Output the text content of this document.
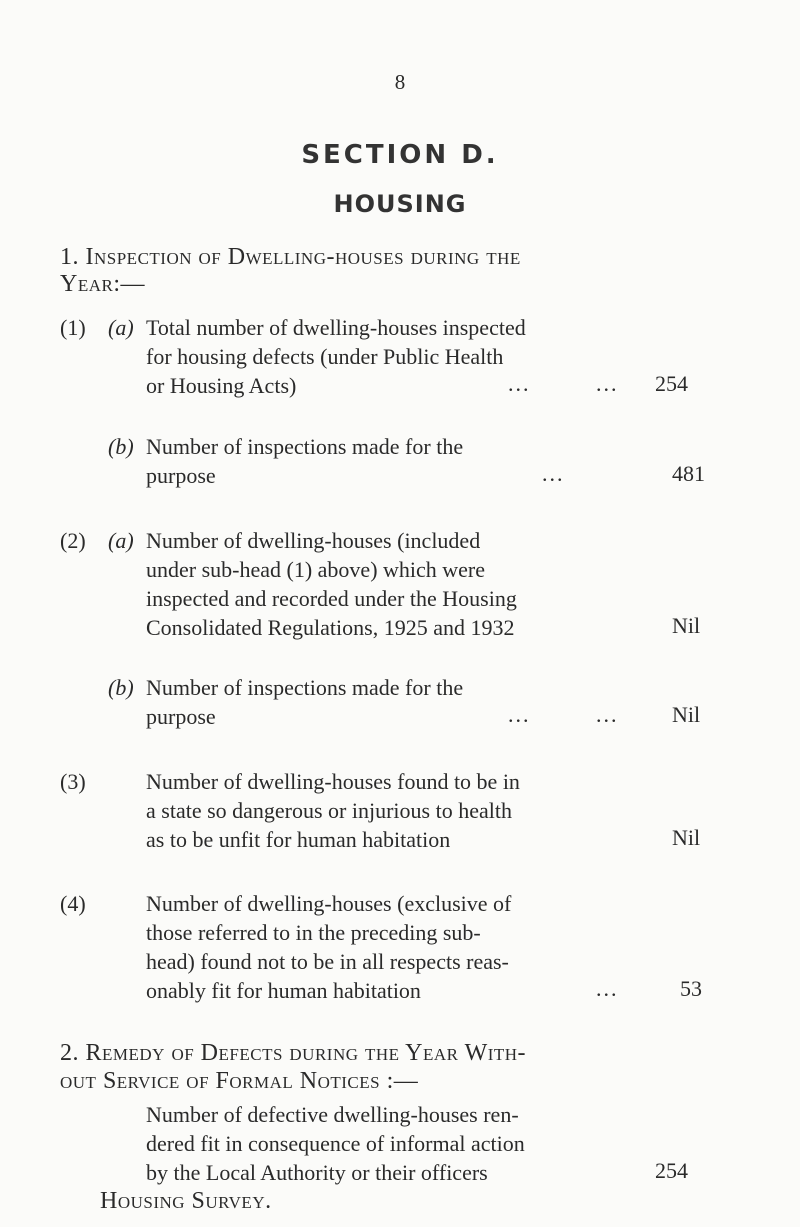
8
SECTION D.
HOUSING
1. Inspection of Dwelling-houses during the
Year:—
(1) (a) Total number of dwelling-houses inspected
for housing defects (under Public Health
or Housing Acts)	...	... 254
(b) Number of inspections made for the
purpose	...	481
(2) (a) Number of dwelling-houses (included
under sub-head (1) above) which were
inspected and recorded under the Housing
Consolidated Regulations, 1925 and 1932	Nil
(b) Number of inspections made for the
purpose	...	... Nil
(3)	Number of dwelling-houses found to be in
a state so dangerous or injurious to health
as to be unfit for human habitation	Nil
(4)	Number of dwelling-houses (exclusive of
those referred to in the preceding sub-
head) found not to be in all respects reas-
onably fit for human habitation	...	53
2. Remedy of Defects during the Year With-
out Service of Formal Notices :—
Number of defective dwelling-houses ren-
dered fit in consequence of informal action
by the Local Authority or their officers	254
Housing Survey.
